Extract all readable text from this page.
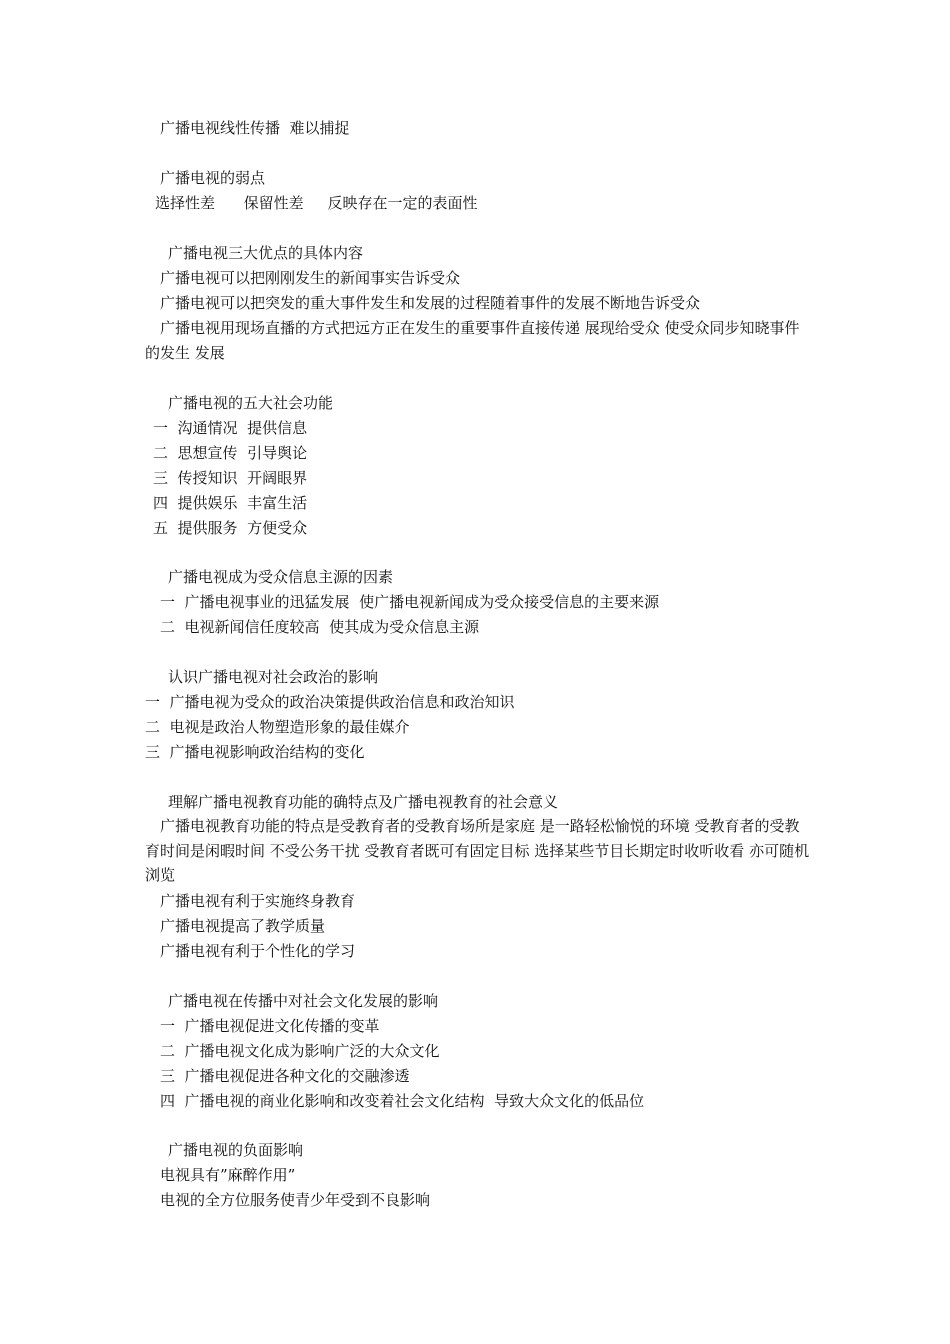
广播电视线性传播  难以捕捉
广播电视的弱点
选择性差      保留性差     反映存在一定的表面性
广播电视三大优点的具体内容
广播电视可以把刚刚发生的新闻事实告诉受众
广播电视可以把突发的重大事件发生和发展的过程随着事件的发展不断地告诉受众
广播电视用现场直播的方式把远方正在发生的重要事件直接传递 展现给受众 使受众同步知晓事件的发生 发展
广播电视的五大社会功能
一  沟通情况  提供信息
二  思想宣传  引导舆论
三  传授知识  开阔眼界
四  提供娱乐  丰富生活
五  提供服务  方便受众
广播电视成为受众信息主源的因素
一  广播电视事业的迅猛发展  使广播电视新闻成为受众接受信息的主要来源
二  电视新闻信任度较高  使其成为受众信息主源
认识广播电视对社会政治的影响
一  广播电视为受众的政治决策提供政治信息和政治知识
二  电视是政治人物塑造形象的最佳媒介
三  广播电视影响政治结构的变化
理解广播电视教育功能的确特点及广播电视教育的社会意义
广播电视教育功能的特点是受教育者的受教育场所是家庭 是一路轻松愉悦的环境 受教育者的受教育时间是闲暇时间 不受公务干扰 受教育者既可有固定目标 选择某些节目长期定时收听收看 亦可随机浏览
广播电视有利于实施终身教育
广播电视提高了教学质量
广播电视有利于个性化的学习
广播电视在传播中对社会文化发展的影响
一  广播电视促进文化传播的变革
二  广播电视文化成为影响广泛的大众文化
三  广播电视促进各种文化的交融渗透
四  广播电视的商业化影响和改变着社会文化结构  导致大众文化的低品位
广播电视的负面影响
电视具有”麻醉作用”
电视的全方位服务使青少年受到不良影响
